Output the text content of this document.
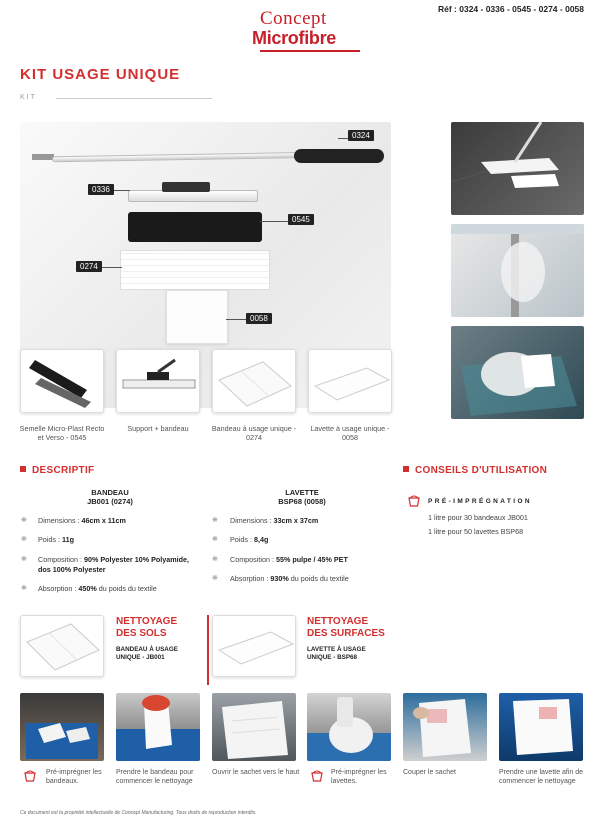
Réf : 0324 - 0336 - 0545 - 0274 - 0058
Concept
Microfibre
KIT USAGE UNIQUE
KIT
0324
0336
0545
0274
0058
Semelle Micro-Plast Recto et Verso - 0545
Support + bandeau	Bandeau à usage unique - 0274
Lavette à usage unique - 0058
DESCRIPTIF
BANDEAU
JB001 (0274)
❋ Dimensions : 46cm x 11cm
❋ Poids : 11g
❋ Composition : 90% Polyester 10% Polyamide, dos 100% Polyester
❋ Absorption : 450% du poids du textile
LAVETTE
BSP68 (0058)
❋ Dimensions : 33cm x 37cm
❋ Poids : 8,4g
❋ Composition : 55% pulpe / 45% PET
❋ Absorption : 930% du poids du textile
CONSEILS D'UTILISATION
PRÉ-IMPRÉGNATION
1 litre pour 30 bandeaux JB001
1 litre pour 50 lavettes BSP68
NETTOYAGE
DES SOLS
BANDEAU À USAGE
UNIQUE - JB001
NETTOYAGE
DES SURFACES
LAVETTE À USAGE
UNIQUE - BSP68
Pré-imprégner les bandeaux.
Prendre le bandeau pour commencer le nettoyage
Ouvrir le sachet vers le haut	Pré-imprégner les lavettes.
Couper le sachet	Prendre une lavette afin de commencer le nettoyage
Ce document est la propriété intellectuelle de Concept Manufacturing. Tous droits de reproduction interdits.
